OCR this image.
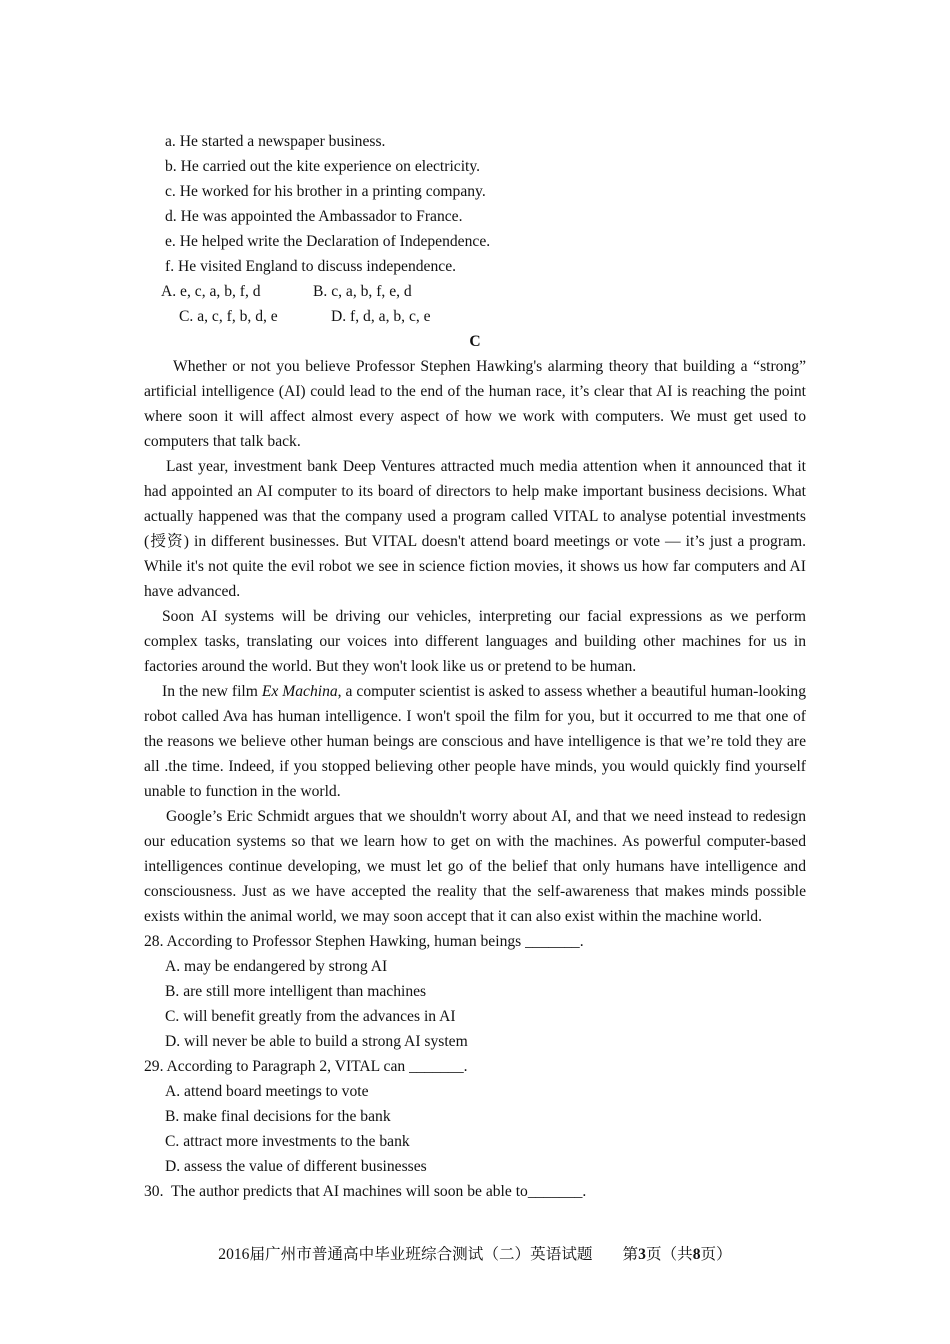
a. He started a newspaper business.
b. He carried out the kite experience on electricity.
c. He worked for his brother in a printing company.
d. He was appointed the Ambassador to France.
e. He helped write the Declaration of Independence.
f. He visited England to discuss independence.
A. e, c, a, b, f, d	B. c, a, b, f, e, d
C. a, c, f, b, d, e	D. f, d, a, b, c, e
C

Whether or not you believe Professor Stephen Hawking's alarming theory that building a “strong” artificial intelligence (AI) could lead to the end of the human race, it’s clear that AI is reaching the point where soon it will affect almost every aspect of how we work with computers. We must get used to computers that talk back.

Last year, investment bank Deep Ventures attracted much media attention when it announced that it had appointed an AI computer to its board of directors to help make important business decisions. What actually happened was that the company used a program called VITAL to analyse potential investments (授资) in different businesses. But VITAL doesn't attend board meetings or vote — it’s just a program. While it's not quite the evil robot we see in science fiction movies, it shows us how far computers and AI have advanced.

Soon AI systems will be driving our vehicles, interpreting our facial expressions as we perform complex tasks, translating our voices into different languages and building other machines for us in factories around the world. But they won't look like us or pretend to be human.

In the new film Ex Machina, a computer scientist is asked to assess whether a beautiful human-looking robot called Ava has human intelligence. I won't spoil the film for you, but it occurred to me that one of the reasons we believe other human beings are conscious and have intelligence is that we’re told they are all .the time. Indeed, if you stopped believing other people have minds, you would quickly find yourself unable to function in the world.

Google’s Eric Schmidt argues that we shouldn't worry about AI, and that we need instead to redesign our education systems so that we learn how to get on with the machines. As powerful computer-based intelligences continue developing, we must let go of the belief that only humans have intelligence and consciousness. Just as we have accepted the reality that the self-awareness that makes minds possible exists within the animal world, we may soon accept that it can also exist within the machine world.

28. According to Professor Stephen Hawking, human beings _______.
A. may be endangered by strong AI
B. are still more intelligent than machines
C. will benefit greatly from the advances in AI
D. will never be able to build a strong AI system
29. According to Paragraph 2, VITAL can _______.
A. attend board meetings to vote
B. make final decisions for the bank
C. attract more investments to the bank
D. assess the value of different businesses
30.  The author predicts that AI machines will soon be able to_______.
2016届广州市普通高中毕业班综合测试（二）英语试题 第3页（共8页）
